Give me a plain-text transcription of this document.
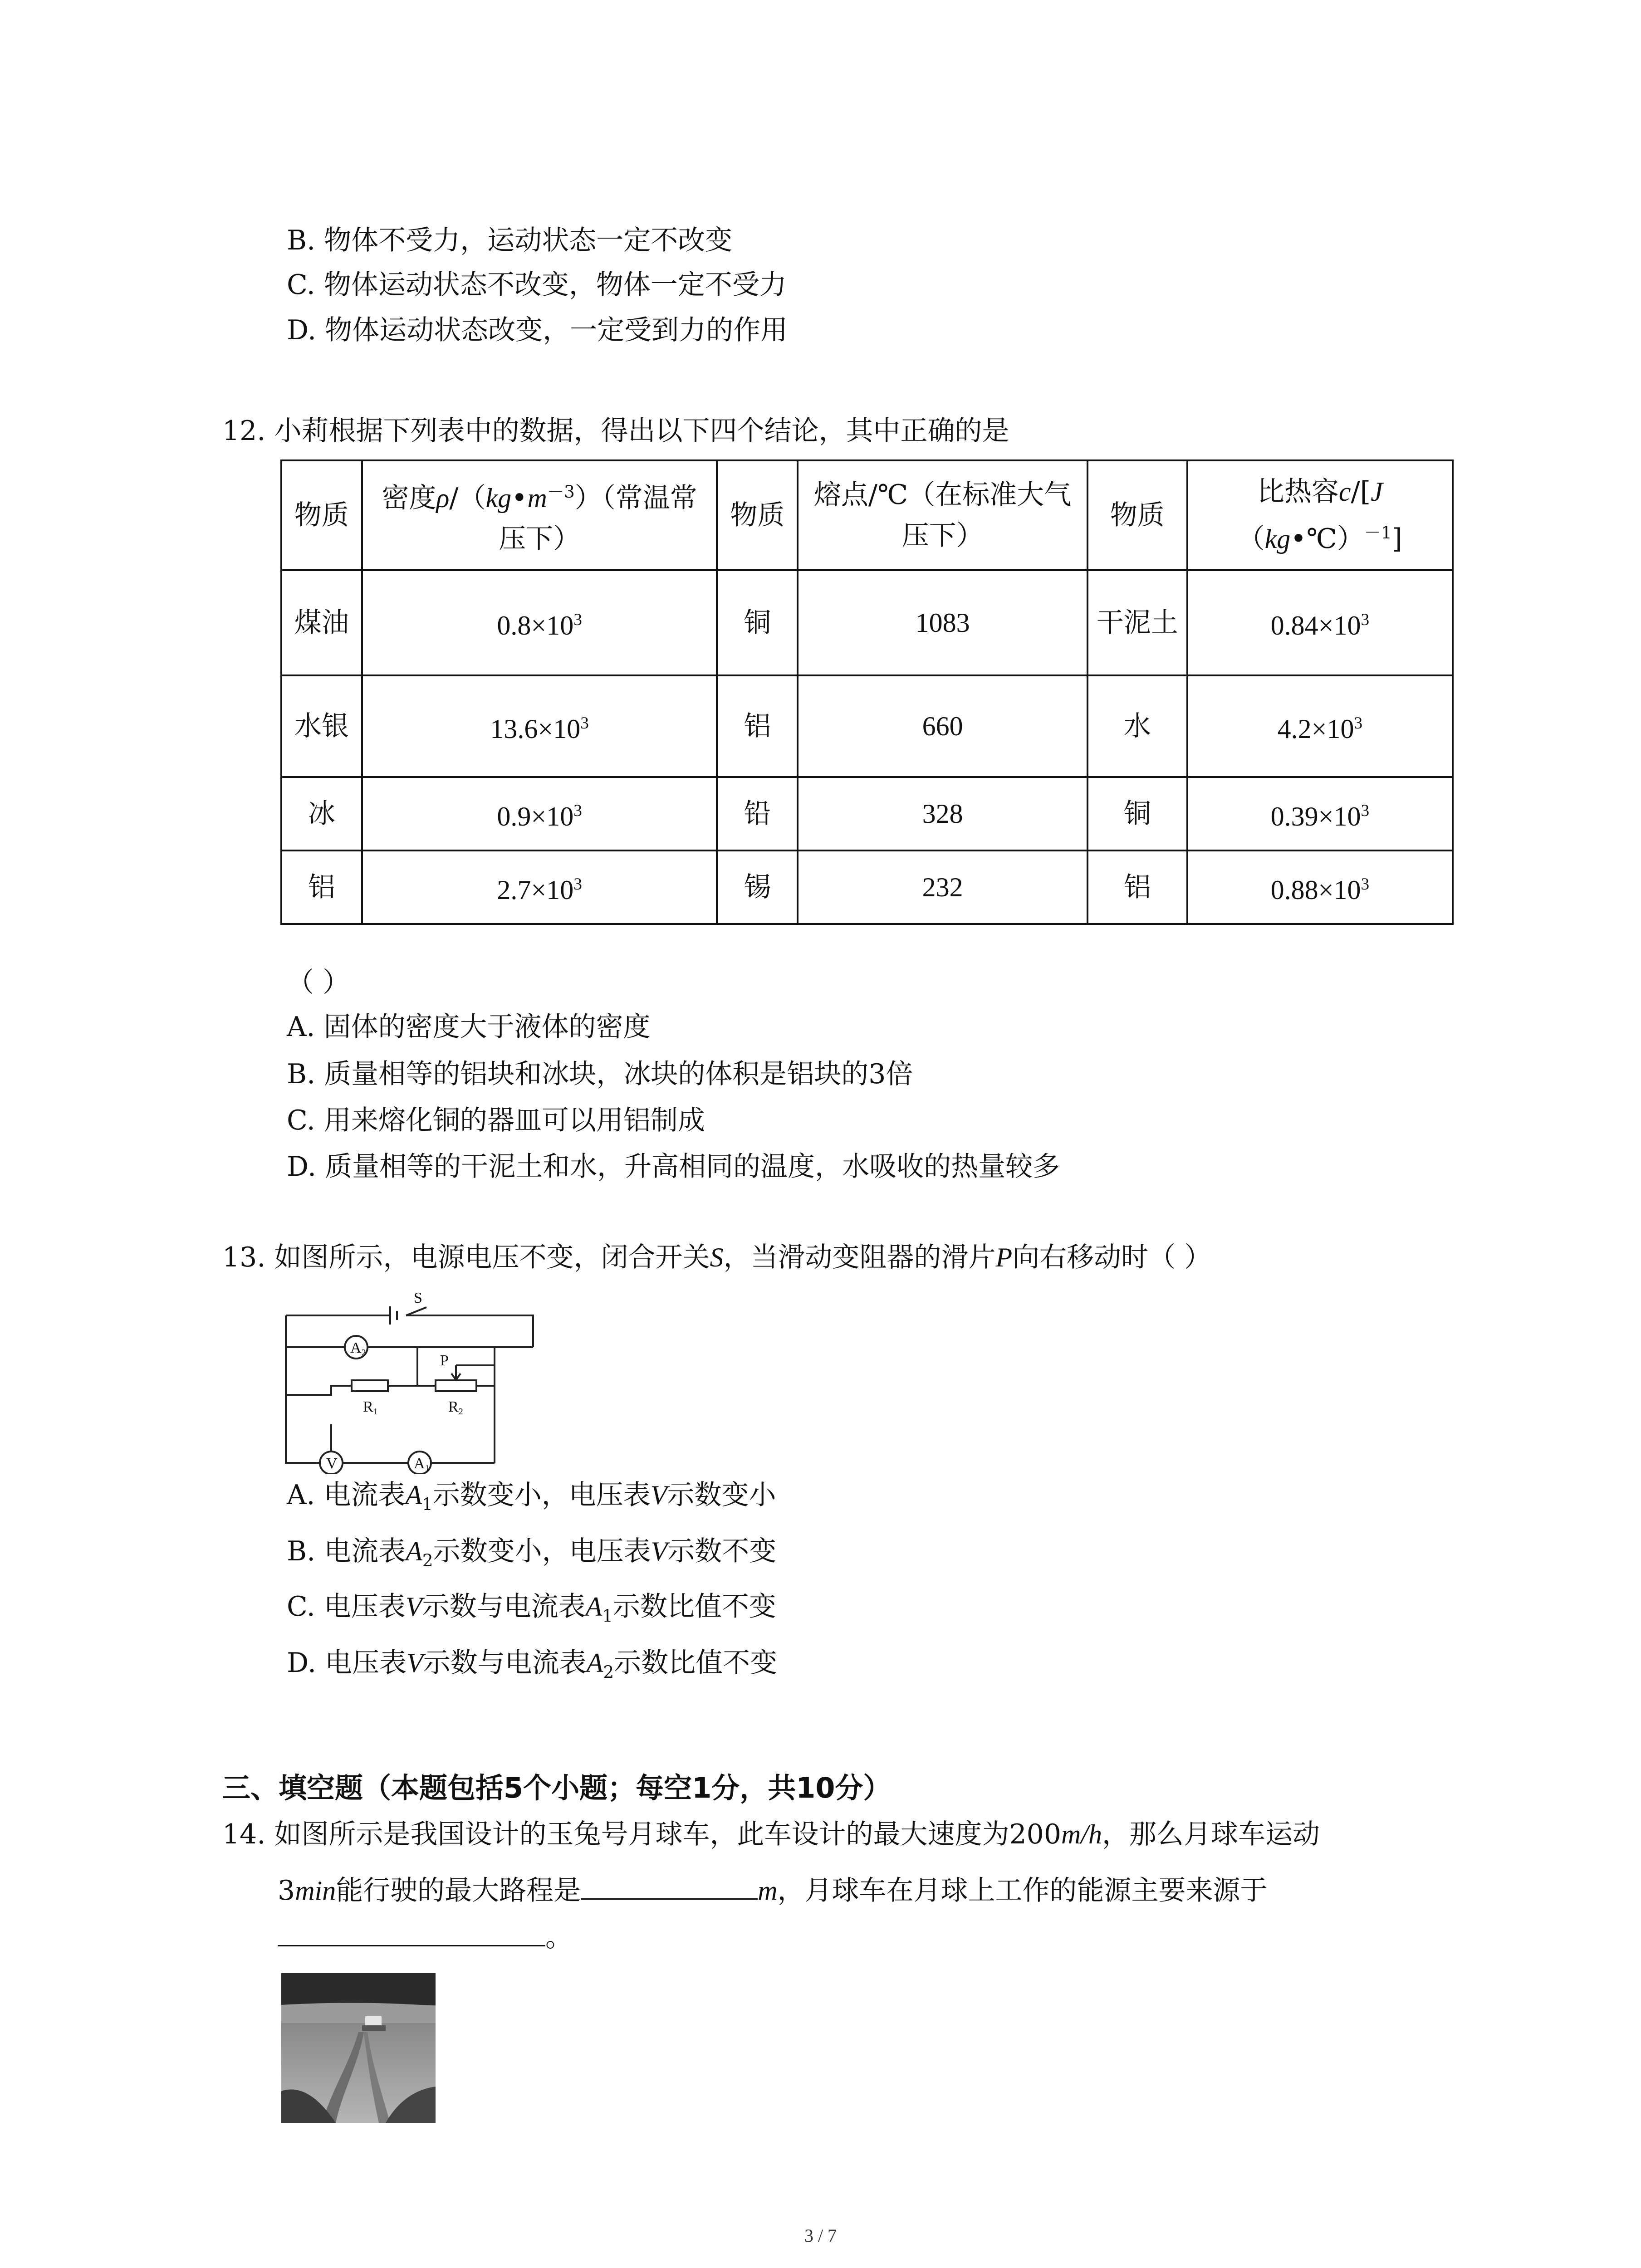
B. 物体不受力，运动状态一定不改变
C. 物体运动状态不改变，物体一定不受力
D. 物体运动状态改变，一定受到力的作用
12. 小莉根据下列表中的数据，得出以下四个结论，其中正确的是
物质	密度$\rho/(kg•m^{-3})$（常温常压下）	物质	熔点/℃（在标准大气压下）	物质	比热容c/[J（kg•℃）$^{-1}$]
煤油	$0.8\times 10^3$	铜	1083	干泥土	$0.84\times 10^3$
水银	$13.6\times 10^3$	铝	660	水	$4.2\times 10^3$
冰	$0.9\times 10^3$	铅	328	铜	$0.39\times 10^3$
铝	$2.7\times 10^3$	锡	232	铝	$0.88\times 10^3$
（ ）
A. 固体的密度大于液体的密度
B. 质量相等的铝块和冰块，冰块的体积是铝块的3倍
C. 用来熔化铜的器皿可以用铝制成
D. 质量相等的干泥土和水，升高相同的温度，水吸收的热量较多
13. 如图所示，电源电压不变，闭合开关S，当滑动变阻器的滑片P向右移动时（ ）
S
A2
V	A1
P
R1	R2
A. 电流表$A_1$示数变小，电压表V示数变小
B. 电流表$A_2$示数变小，电压表V示数不变
C. 电压表V示数与电流表$A_1$示数比值不变
D. 电压表V示数与电流表$A_2$示数比值不变
三、填空题（本题包括5个小题；每空1分，共10分）
14. 如图所示是我国设计的玉兔号月球车，此车设计的最大速度为200m/h，那么月球车运动
3min能行驶的最大路程是	m，月球车在月球上工作的能源主要来源于
。
3 / 7
